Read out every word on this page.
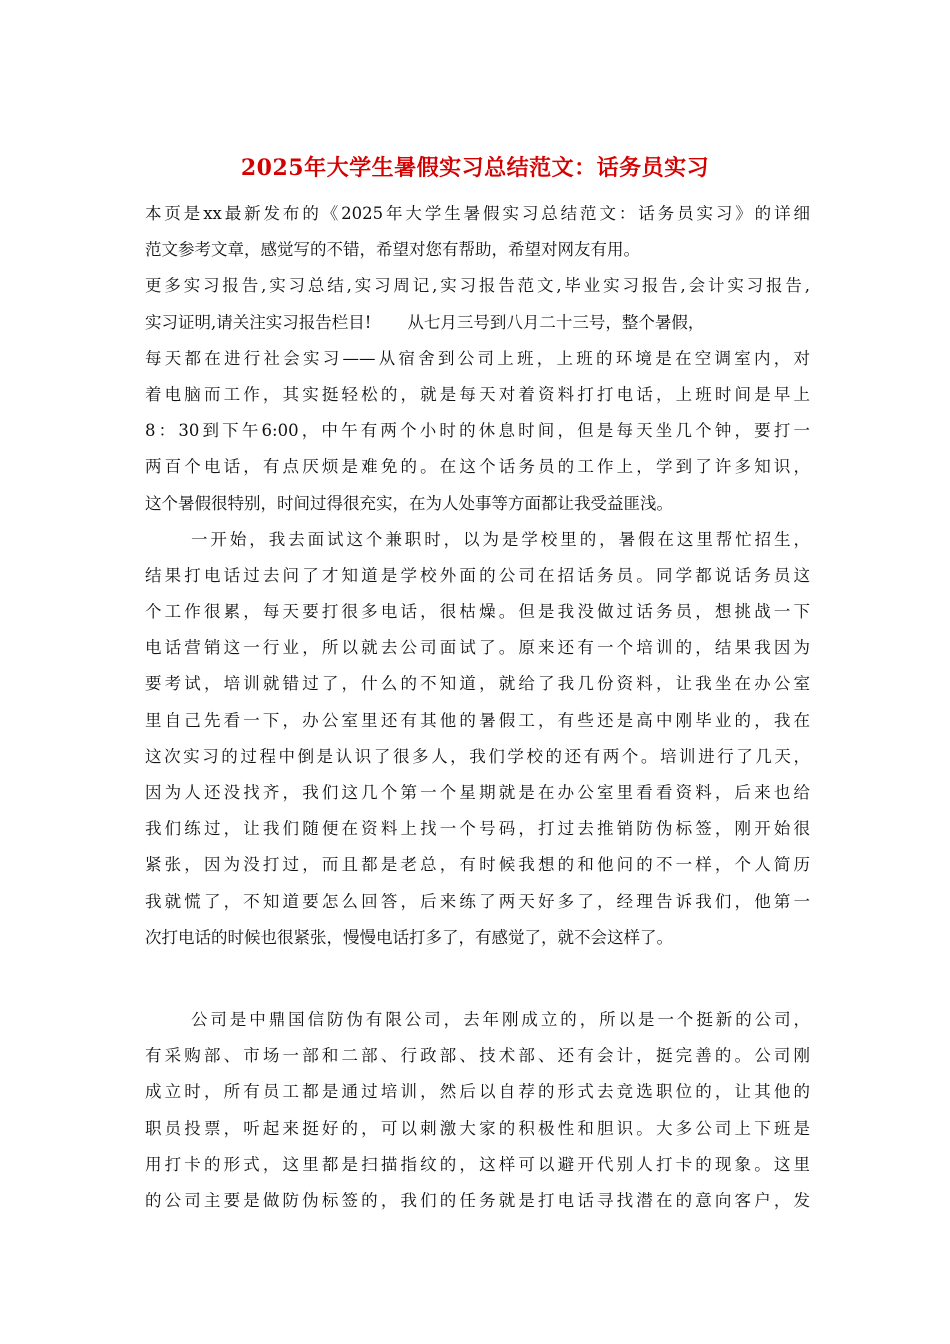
2025年大学生暑假实习总结范文：话务员实习
本页是xx最新发布的《2025年大学生暑假实习总结范文：话务员实习》的详细
范文参考文章，感觉写的不错，希望对您有帮助，希望对网友有用。
更多实习报告,实习总结,实习周记,实习报告范文,毕业实习报告,会计实习报告,
实习证明,请关注实习报告栏目! 从七月三号到八月二十三号，整个暑假，
每天都在进行社会实习——从宿舍到公司上班，上班的环境是在空调室内，对
着电脑而工作，其实挺轻松的，就是每天对着资料打打电话，上班时间是早上
8：30到下午6:00，中午有两个小时的休息时间，但是每天坐几个钟，要打一
两百个电话，有点厌烦是难免的。在这个话务员的工作上，学到了许多知识，
这个暑假很特别，时间过得很充实，在为人处事等方面都让我受益匪浅。
一开始，我去面试这个兼职时，以为是学校里的，暑假在这里帮忙招生，
结果打电话过去问了才知道是学校外面的公司在招话务员。同学都说话务员这
个工作很累，每天要打很多电话，很枯燥。但是我没做过话务员，想挑战一下
电话营销这一行业，所以就去公司面试了。原来还有一个培训的，结果我因为
要考试，培训就错过了，什么的不知道，就给了我几份资料，让我坐在办公室
里自己先看一下，办公室里还有其他的暑假工，有些还是高中刚毕业的，我在
这次实习的过程中倒是认识了很多人，我们学校的还有两个。培训进行了几天，
因为人还没找齐，我们这几个第一个星期就是在办公室里看看资料，后来也给
我们练过，让我们随便在资料上找一个号码，打过去推销防伪标签，刚开始很
紧张，因为没打过，而且都是老总，有时候我想的和他问的不一样，个人简历
我就慌了，不知道要怎么回答，后来练了两天好多了，经理告诉我们，他第一
次打电话的时候也很紧张，慢慢电话打多了，有感觉了，就不会这样了。
公司是中鼎国信防伪有限公司，去年刚成立的，所以是一个挺新的公司，
有采购部、市场一部和二部、行政部、技术部、还有会计，挺完善的。公司刚
成立时，所有员工都是通过培训，然后以自荐的形式去竞选职位的，让其他的
职员投票，听起来挺好的，可以刺激大家的积极性和胆识。大多公司上下班是
用打卡的形式，这里都是扫描指纹的，这样可以避开代别人打卡的现象。这里
的公司主要是做防伪标签的，我们的任务就是打电话寻找潜在的意向客户，发
